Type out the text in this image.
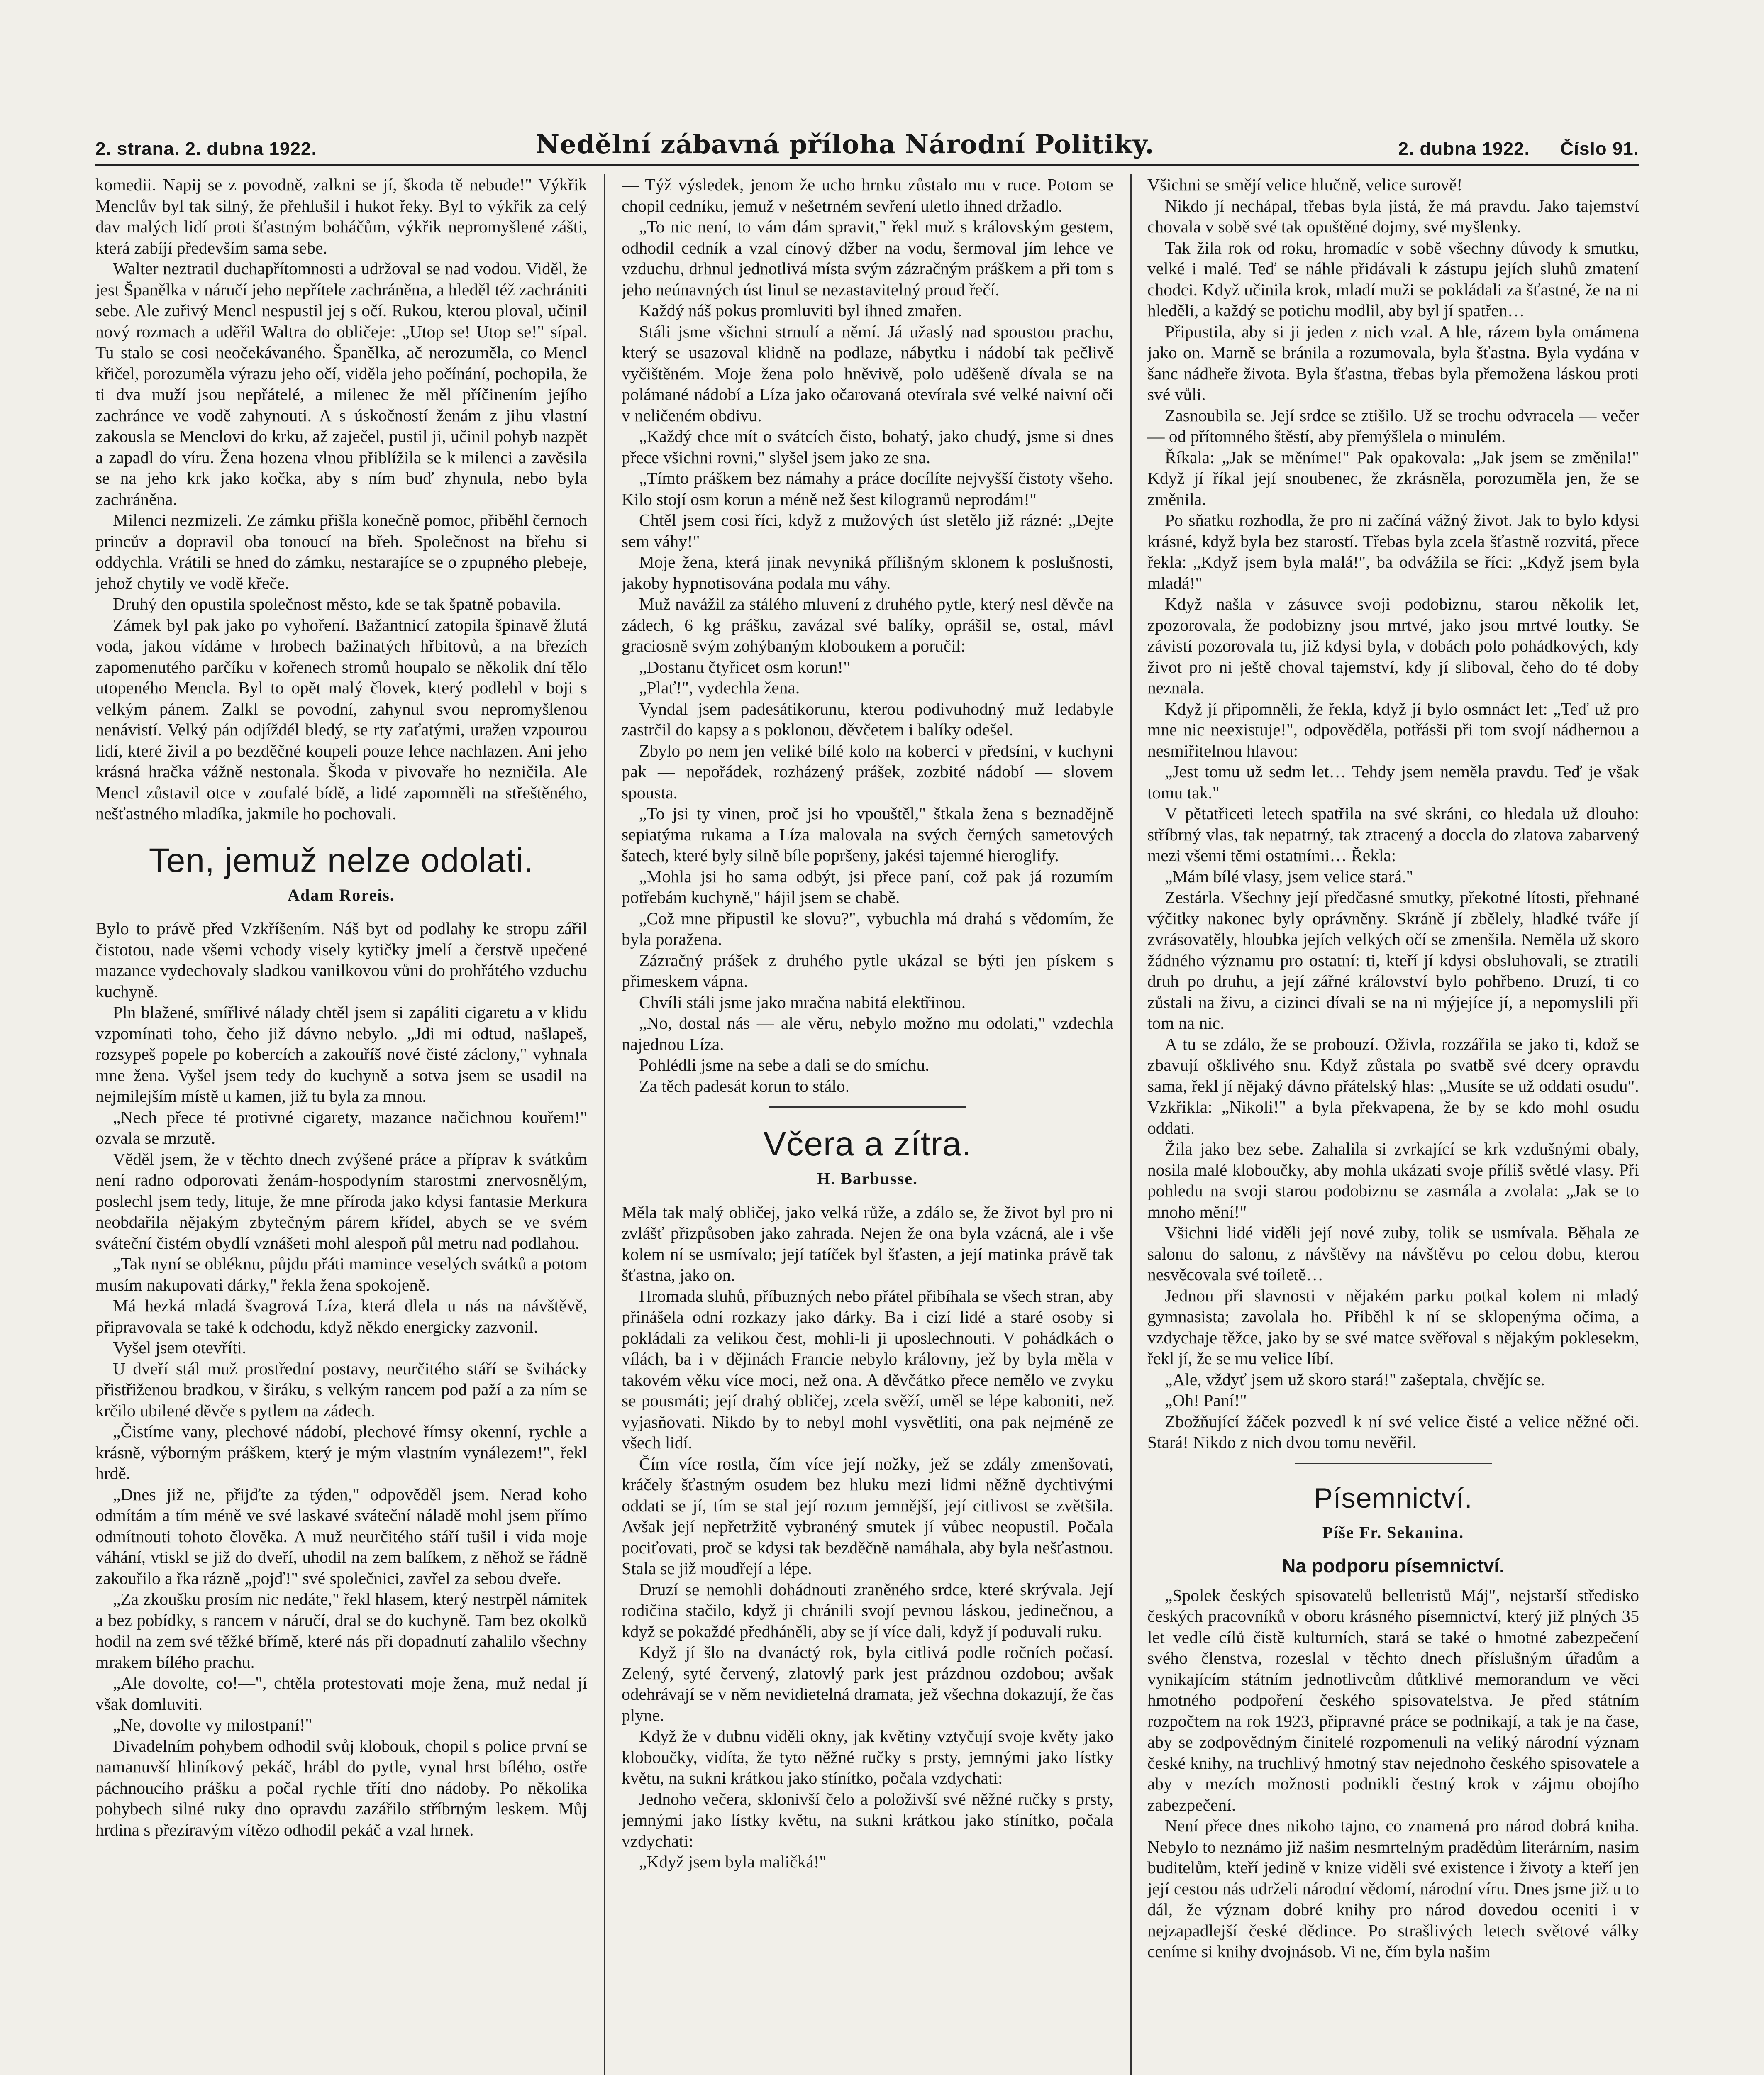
2. strana. 2. dubna 1922.	Nedělní zábavná příloha Národní Politiky.	2. dubna 1922. Číslo 91.

komedii. Napij se z povodně, zalkni se jí, škoda tě nebude!" Výkřik Menclův byl tak silný, že přehlušil i hukot řeky. Byl to výkřik za celý dav malých lidí proti šťastným boháčům, výkřik nepromyšlené zášti, která zabíjí především sama sebe.

Walter neztratil duchapřítomnosti a udržoval se nad vodou. Viděl, že jest Španělka v náručí jeho nepřítele zachráněna, a hleděl též zachrániti sebe. Ale zuřivý Mencl nespustil jej s očí. Rukou, kterou ploval, učinil nový rozmach a uděřil Waltra do obličeje: „Utop se! Utop se!" sípal. Tu stalo se cosi neočekávaného. Španělka, ač nerozuměla, co Mencl křičel, porozuměla výrazu jeho očí, viděla jeho počínání, pochopila, že ti dva muží jsou nepřátelé, a milenec že měl příčinením jejího zachránce ve vodě zahynouti. A s úskočností ženám z jihu vlastní zakousla se Menclovi do krku, až zaječel, pustil ji, učinil pohyb nazpět a zapadl do víru. Žena hozena vlnou přiblížila se k milenci a zavěsila se na jeho krk jako kočka, aby s ním buď zhynula, nebo byla zachráněna.

Milenci nezmizeli. Ze zámku přišla konečně pomoc, přiběhl černoch princův a dopravil oba tonoucí na břeh. Společnost na břehu si oddychla. Vrátili se hned do zámku, nestarajíce se o zpupného plebeje, jehož chytily ve vodě křeče.

Druhý den opustila společnost město, kde se tak špatně pobavila.

Zámek byl pak jako po vyhoření. Bažantnicí zatopila špinavě žlutá voda, jakou vídáme v hrobech bažinatých hřbitovů, a na březích zapomenutého parčíku v kořenech stromů houpalo se několik dní tělo utopeného Mencla. Byl to opět malý človek, který podlehl v boji s velkým pánem. Zalkl se povodní, zahynul svou nepromyšlenou nenávistí. Velký pán odjíždél bledý, se rty zaťatými, uražen vzpourou lidí, které živil a po bezděčné koupeli pouze lehce nachlazen. Ani jeho krásná hračka vážně nestonala. Škoda v pivovaře ho nezničila. Ale Mencl zůstavil otce v zoufalé bídě, a lidé zapomněli na střeštěného, nešťastného mladíka, jakmile ho pochovali.

Ten, jemuž nelze odolati.
Adam Roreis.

Bylo to právě před Vzkříšením. Náš byt od podlahy ke stropu zářil čistotou, nade všemi vchody visely kytičky jmelí a čerstvě upečené mazance vydechovaly sladkou vanilkovou vůni do prohřátého vzduchu kuchyně.

Pln blažené, smířlivé nálady chtěl jsem si zapáliti cigaretu a v klidu vzpomínati toho, čeho již dávno nebylo. „Jdi mi odtud, našlapeš, rozsypeš popele po kobercích a zakouříš nové čisté záclony," vyhnala mne žena. Vyšel jsem tedy do kuchyně a sotva jsem se usadil na nejmilejším místě u kamen, již tu byla za mnou.

„Nech přece té protivné cigarety, mazance načichnou kouřem!" ozvala se mrzutě.

Věděl jsem, že v těchto dnech zvýšené práce a příprav k svátkům není radno odporovati ženám-hospodyním starostmi znervosnělým, poslechl jsem tedy, lituje, že mne příroda jako kdysi fantasie Merkura neobdařila nějakým zbytečným párem křídel, abych se ve svém sváteční čistém obydlí vznášeti mohl alespoň půl metru nad podlahou.

„Tak nyní se obléknu, půjdu přáti mamince veselých svátků a potom musím nakupovati dárky," řekla žena spokojeně.

Má hezká mladá švagrová Líza, která dlela u nás na návštěvě, připravovala se také k odchodu, když někdo energicky zazvonil.

Vyšel jsem otevříti.

U dveří stál muž prostřední postavy, neurčitého stáří se švihácky přistřiženou bradkou, v širáku, s velkým rancem pod paží a za ním se krčilo ubilené děvče s pytlem na zádech.

„Čistíme vany, plechové nádobí, plechové římsy okenní, rychle a krásně, výborným práškem, který je mým vlastním vynálezem!", řekl hrdě.

„Dnes již ne, přijďte za týden," odpověděl jsem. Nerad koho odmítám a tím méně ve své laskavé sváteční náladě mohl jsem přímo odmítnouti tohoto člověka. A muž neurčitého stáří tušil i vida moje váhání, vtiskl se již do dveří, uhodil na zem balíkem, z něhož se řádně zakouřilo a řka rázně „pojď!" své společnici, zavřel za sebou dveře.

„Za zkoušku prosím nic nedáte," řekl hlasem, který nestrpěl námitek a bez pobídky, s rancem v náručí, dral se do kuchyně. Tam bez okolků hodil na zem své těžké břímě, které nás při dopadnutí zahalilo všechny mrakem bílého prachu.

„Ale dovolte, co!—", chtěla protestovati moje žena, muž nedal jí však domluviti.

„Ne, dovolte vy milostpaní!"

Divadelním pohybem odhodil svůj klobouk, chopil s police první se namanuvší hliníkový pekáč, hrábl do pytle, vynal hrst bílého, ostře páchnoucího prášku a počal rychle třítí dno nádoby. Po několika pohybech silné ruky dno opravdu zazářilo stříbrným leskem. Můj hrdina s přezíravým vítězo odhodil pekáč a vzal hrnek.

— Týž výsledek, jenom že ucho hrnku zůstalo mu v ruce. Potom se chopil cedníku, jemuž v nešetrném sevření uletlo ihned držadlo.

„To nic není, to vám dám spravit," řekl muž s královským gestem, odhodil cedník a vzal cínový džber na vodu, šermoval jím lehce ve vzduchu, drhnul jednotlivá místa svým zázračným práškem a při tom s jeho neúnavných úst linul se nezastavitelný proud řečí.

Každý náš pokus promluviti byl ihned zmařen.

Stáli jsme všichni strnulí a němí. Já užaslý nad spoustou prachu, který se usazoval klidně na podlaze, nábytku i nádobí tak pečlivě vyčištěném. Moje žena polo hněvivě, polo uděšeně dívala se na polámané nádobí a Líza jako očarovaná otevírala své velké naivní oči v neličeném obdivu.

„Každý chce mít o svátcích čisto, bohatý, jako chudý, jsme si dnes přece všichni rovni," slyšel jsem jako ze sna.

„Tímto práškem bez námahy a práce docílíte nejvyšší čistoty všeho. Kilo stojí osm korun a méně než šest kilogramů neprodám!"

Chtěl jsem cosi říci, když z mužových úst sletělo již rázné: „Dejte sem váhy!"

Moje žena, která jinak nevyniká přílišným sklonem k poslušnosti, jakoby hypnotisována podala mu váhy.

Muž navážil za stálého mluvení z druhého pytle, který nesl děvče na zádech, 6 kg prášku, zavázal své balíky, oprášil se, ostal, mávl graciosně svým zohýbaným kloboukem a poručil:

„Dostanu čtyřicet osm korun!"

„Plať!", vydechla žena.

Vyndal jsem padesátikorunu, kterou podivuhodný muž ledabyle zastrčil do kapsy a s poklonou, děvčetem i balíky odešel.

Zbylo po nem jen veliké bílé kolo na koberci v předsíni, v kuchyni pak — nepořádek, rozházený prášek, zozbité nádobí — slovem spousta.

„To jsi ty vinen, proč jsi ho vpouštěl," štkala žena s beznadějně sepiatýma rukama a Líza malovala na svých černých sametových šatech, které byly silně bíle popršeny, jakési tajemné hieroglify.

„Mohla jsi ho sama odbýt, jsi přece paní, což pak já rozumím potřebám kuchyně," hájil jsem se chabě.

„Což mne připustil ke slovu?", vybuchla má drahá s vědomím, že byla poražena.

Zázračný prášek z druhého pytle ukázal se býti jen pískem s přimeskem vápna.

Chvíli stáli jsme jako mračna nabitá elektřinou.

„No, dostal nás — ale věru, nebylo možno mu odolati," vzdechla najednou Líza.

Pohlédli jsme na sebe a dali se do smíchu.

Za těch padesát korun to stálo.

Včera a zítra.
H. Barbusse.

Měla tak malý obličej, jako velká růže, a zdálo se, že život byl pro ni zvlášť přizpůsoben jako zahrada. Nejen že ona byla vzácná, ale i vše kolem ní se usmívalo; její tatíček byl šťasten, a její matinka právě tak šťastna, jako on.

Hromada sluhů, příbuzných nebo přátel přibíhala se všech stran, aby přinášela odní rozkazy jako dárky. Ba i cizí lidé a staré osoby si pokládali za velikou čest, mohli-li ji uposlechnouti. V pohádkách o vílách, ba i v dějinách Francie nebylo královny, jež by byla měla v takovém věku více moci, než ona. A děvčátko přece nemělo ve zvyku se pousmáti; její drahý obličej, zcela svěží, uměl se lépe kaboniti, než vyjasňovati. Nikdo by to nebyl mohl vysvětliti, ona pak nejméně ze všech lidí.

Čím více rostla, čím více její nožky, jež se zdály zmenšovati, kráčely šťastným osudem bez hluku mezi lidmi něžně dychtivými oddati se jí, tím se stal její rozum jemnější, její citlivost se zvětšila. Avšak její nepřetržitě vybranéný smutek jí vůbec neopustil. Počala pociťovati, proč se kdysi tak bezděčně namáhala, aby byla nešťastnou. Stala se již moudřejí a lépe.

Druzí se nemohli dohádnouti zraněného srdce, které skrývala. Její rodičina stačilo, když ji chránili svojí pevnou láskou, jedinečnou, a když se pokaždé předháněli, aby se jí více dali, když jí poduvali ruku.

Když jí šlo na dvanáctý rok, byla citlivá podle ročních počasí. Zelený, syté červený, zlatovlý park jest prázdnou ozdobou; avšak odehrávají se v něm nevidietelná dramata, jež všechna dokazují, že čas plyne.

Když že v dubnu viděli okny, jak květiny vztyčují svoje květy jako kloboučky, vidíta, že tyto něžné ručky s prsty, jemnými jako lístky květu, na sukni krátkou jako stínítko, počala vzdychati:

Jednoho večera, sklonivší čelo a položivší své něžné ručky s prsty, jemnými jako lístky květu, na sukni krátkou jako stínítko, počala vzdychati:

„Když jsem byla maličká!"

Všichni se smějí velice hlučně, velice surově!

Nikdo jí nechápal, třebas byla jistá, že má pravdu. Jako tajemství chovala v sobě své tak opuštěné dojmy, své myšlenky.

Tak žila rok od roku, hromadíc v sobě všechny důvody k smutku, velké i malé. Teď se náhle přidávali k zástupu jejích sluhů zmatení chodci. Když učinila krok, mladí muži se pokládali za šťastné, že na ni hleděli, a každý se potichu modlil, aby byl jí spatřen…

Připustila, aby si ji jeden z nich vzal. A hle, rázem byla omámena jako on. Marně se bránila a rozumovala, byla šťastna. Byla vydána v šanc nádheře života. Byla šťastna, třebas byla přemožena láskou proti své vůli.

Zasnoubila se. Její srdce se ztišilo. Už se trochu odvracela — večer — od přítomného štěstí, aby přemýšlela o minulém.

Říkala: „Jak se měníme!" Pak opakovala: „Jak jsem se změnila!" Když jí říkal její snoubenec, že zkrásněla, porozuměla jen, že se změnila.

Po sňatku rozhodla, že pro ni začíná vážný život. Jak to bylo kdysi krásné, když byla bez starostí. Třebas byla zcela šťastně rozvitá, přece řekla: „Když jsem byla malá!", ba odvážila se říci: „Když jsem byla mladá!"

Když našla v zásuvce svoji podobiznu, starou několik let, zpozorovala, že podobizny jsou mrtvé, jako jsou mrtvé loutky. Se závistí pozorovala tu, již kdysi byla, v dobách polo pohádkových, kdy život pro ni ještě choval tajemství, kdy jí sliboval, čeho do té doby neznala.

Když jí připomněli, že řekla, když jí bylo osmnáct let: „Teď už pro mne nic neexistuje!", odpověděla, potřásši při tom svojí nádhernou a nesmiřitelnou hlavou:

„Jest tomu už sedm let… Tehdy jsem neměla pravdu. Teď je však tomu tak."

V pětatřiceti letech spatřila na své skráni, co hledala už dlouho: stříbrný vlas, tak nepatrný, tak ztracený a doccla do zlatova zabarvený mezi všemi těmi ostatními… Řekla:

„Mám bílé vlasy, jsem velice stará."

Zestárla. Všechny její předčasné smutky, překotné lítosti, přehnané výčitky nakonec byly oprávněny. Skráně jí zbělely, hladké tváře jí zvrásovatěly, hloubka jejích velkých očí se zmenšila. Neměla už skoro žádného významu pro ostatní: ti, kteří jí kdysi obsluhovali, se ztratili druh po druhu, a její zářné království bylo pohřbeno. Druzí, ti co zůstali na živu, a cizinci dívali se na ni mýjejíce jí, a nepomyslili při tom na nic.

A tu se zdálo, že se probouzí. Oživla, rozzářila se jako ti, kdož se zbavují ošklivého snu. Když zůstala po svatbě své dcery opravdu sama, řekl jí nějaký dávno přátelský hlas: „Musíte se už oddati osudu". Vzkřikla: „Nikoli!" a byla překvapena, že by se kdo mohl osudu oddati.

Žila jako bez sebe. Zahalila si zvrkající se krk vzdušnými obaly, nosila malé kloboučky, aby mohla ukázati svoje příliš světlé vlasy. Při pohledu na svoji starou podobiznu se zasmála a zvolala: „Jak se to mnoho mění!"

Všichni lidé viděli její nové zuby, tolik se usmívala. Běhala ze salonu do salonu, z návštěvy na návštěvu po celou dobu, kterou nesvěcovala své toiletě…

Jednou při slavnosti v nějakém parku potkal kolem ni mladý gymnasista; zavolala ho. Přiběhl k ní se sklopenýma očima, a vzdychaje těžce, jako by se své matce svěřoval s nějakým poklesekm, řekl jí, že se mu velice líbí.

„Ale, vždyť jsem už skoro stará!" zašeptala, chvějíc se.

„Oh! Paní!"

Zbožňující žáček pozvedl k ní své velice čisté a velice něžné oči. Stará! Nikdo z nich dvou tomu nevěřil.

Písemnictví.
Píše Fr. Sekanina.
Na podporu písemnictví.

„Spolek českých spisovatelů belletristů Máj", nejstarší středisko českých pracovníků v oboru krásného písemnictví, který již plných 35 let vedle cílů čistě kulturních, stará se také o hmotné zabezpečení svého členstva, rozeslal v těchto dnech příslušným úřadům a vynikajícím státním jednotlivcům důtklivé memorandum ve věci hmotného podpoření českého spisovatelstva. Je před státním rozpočtem na rok 1923, připravné práce se podnikají, a tak je na čase, aby se zodpovědným činitelé rozpomenuli na veliký národní význam české knihy, na truchlivý hmotný stav nejednoho českého spisovatele a aby v mezích možnosti podnikli čestný krok v zájmu obojího zabezpečení.

Není přece dnes nikoho tajno, co znamená pro národ dobrá kniha. Nebylo to neznámo již našim nesmrtelným pradědům literárním, nasim buditelům, kteří jedině v knize viděli své existence i životy a kteří jen její cestou nás udrželi národní vědomí, národní víru. Dnes jsme již u to dál, že význam dobré knihy pro národ dovedou oceniti i v nejzapadlejší české dědince. Po strašlivých letech světové války ceníme si knihy dvojnásob. Vi ne, čím byla našim
